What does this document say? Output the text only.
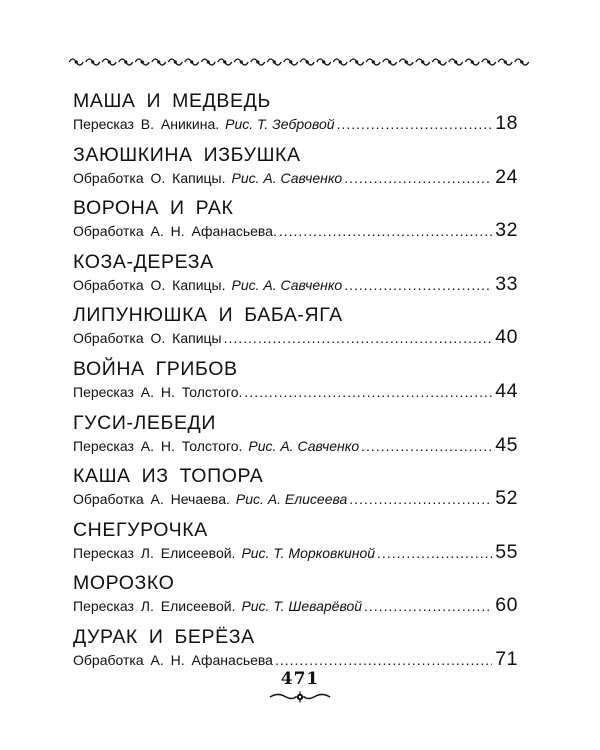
МАША И МЕДВЕДЬ
Пересказ В. Аникина. Рис. Т. Зебровой .....	18
ЗАЮШКИНА ИЗБУШКА
Обработка О. Капицы. Рис. А. Савченко .....	24
ВОРОНА И РАК
Обработка А. Н. Афанасьева. .....	32
КОЗА-ДЕРЕЗА
Обработка О. Капицы. Рис. А. Савченко .....	33
ЛИПУНЮШКА И БАБА-ЯГА
Обработка О. Капицы .....	40
ВОЙНА ГРИБОВ
Пересказ А. Н. Толстого. .....	44
ГУСИ-ЛЕБЕДИ
Пересказ А. Н. Толстого. Рис. А. Савченко .....	45
КАША ИЗ ТОПОРА
Обработка А. Нечаева. Рис. А. Елисеева .....	52
СНЕГУРОЧКА
Пересказ Л. Елисеевой. Рис. Т. Морковкиной .....	55
МОРОЗКО
Пересказ Л. Елисеевой. Рис. Т. Шеварёвой .....	60
ДУРАК И БЕРЁЗА
Обработка А. Н. Афанасьева .....	71
471
